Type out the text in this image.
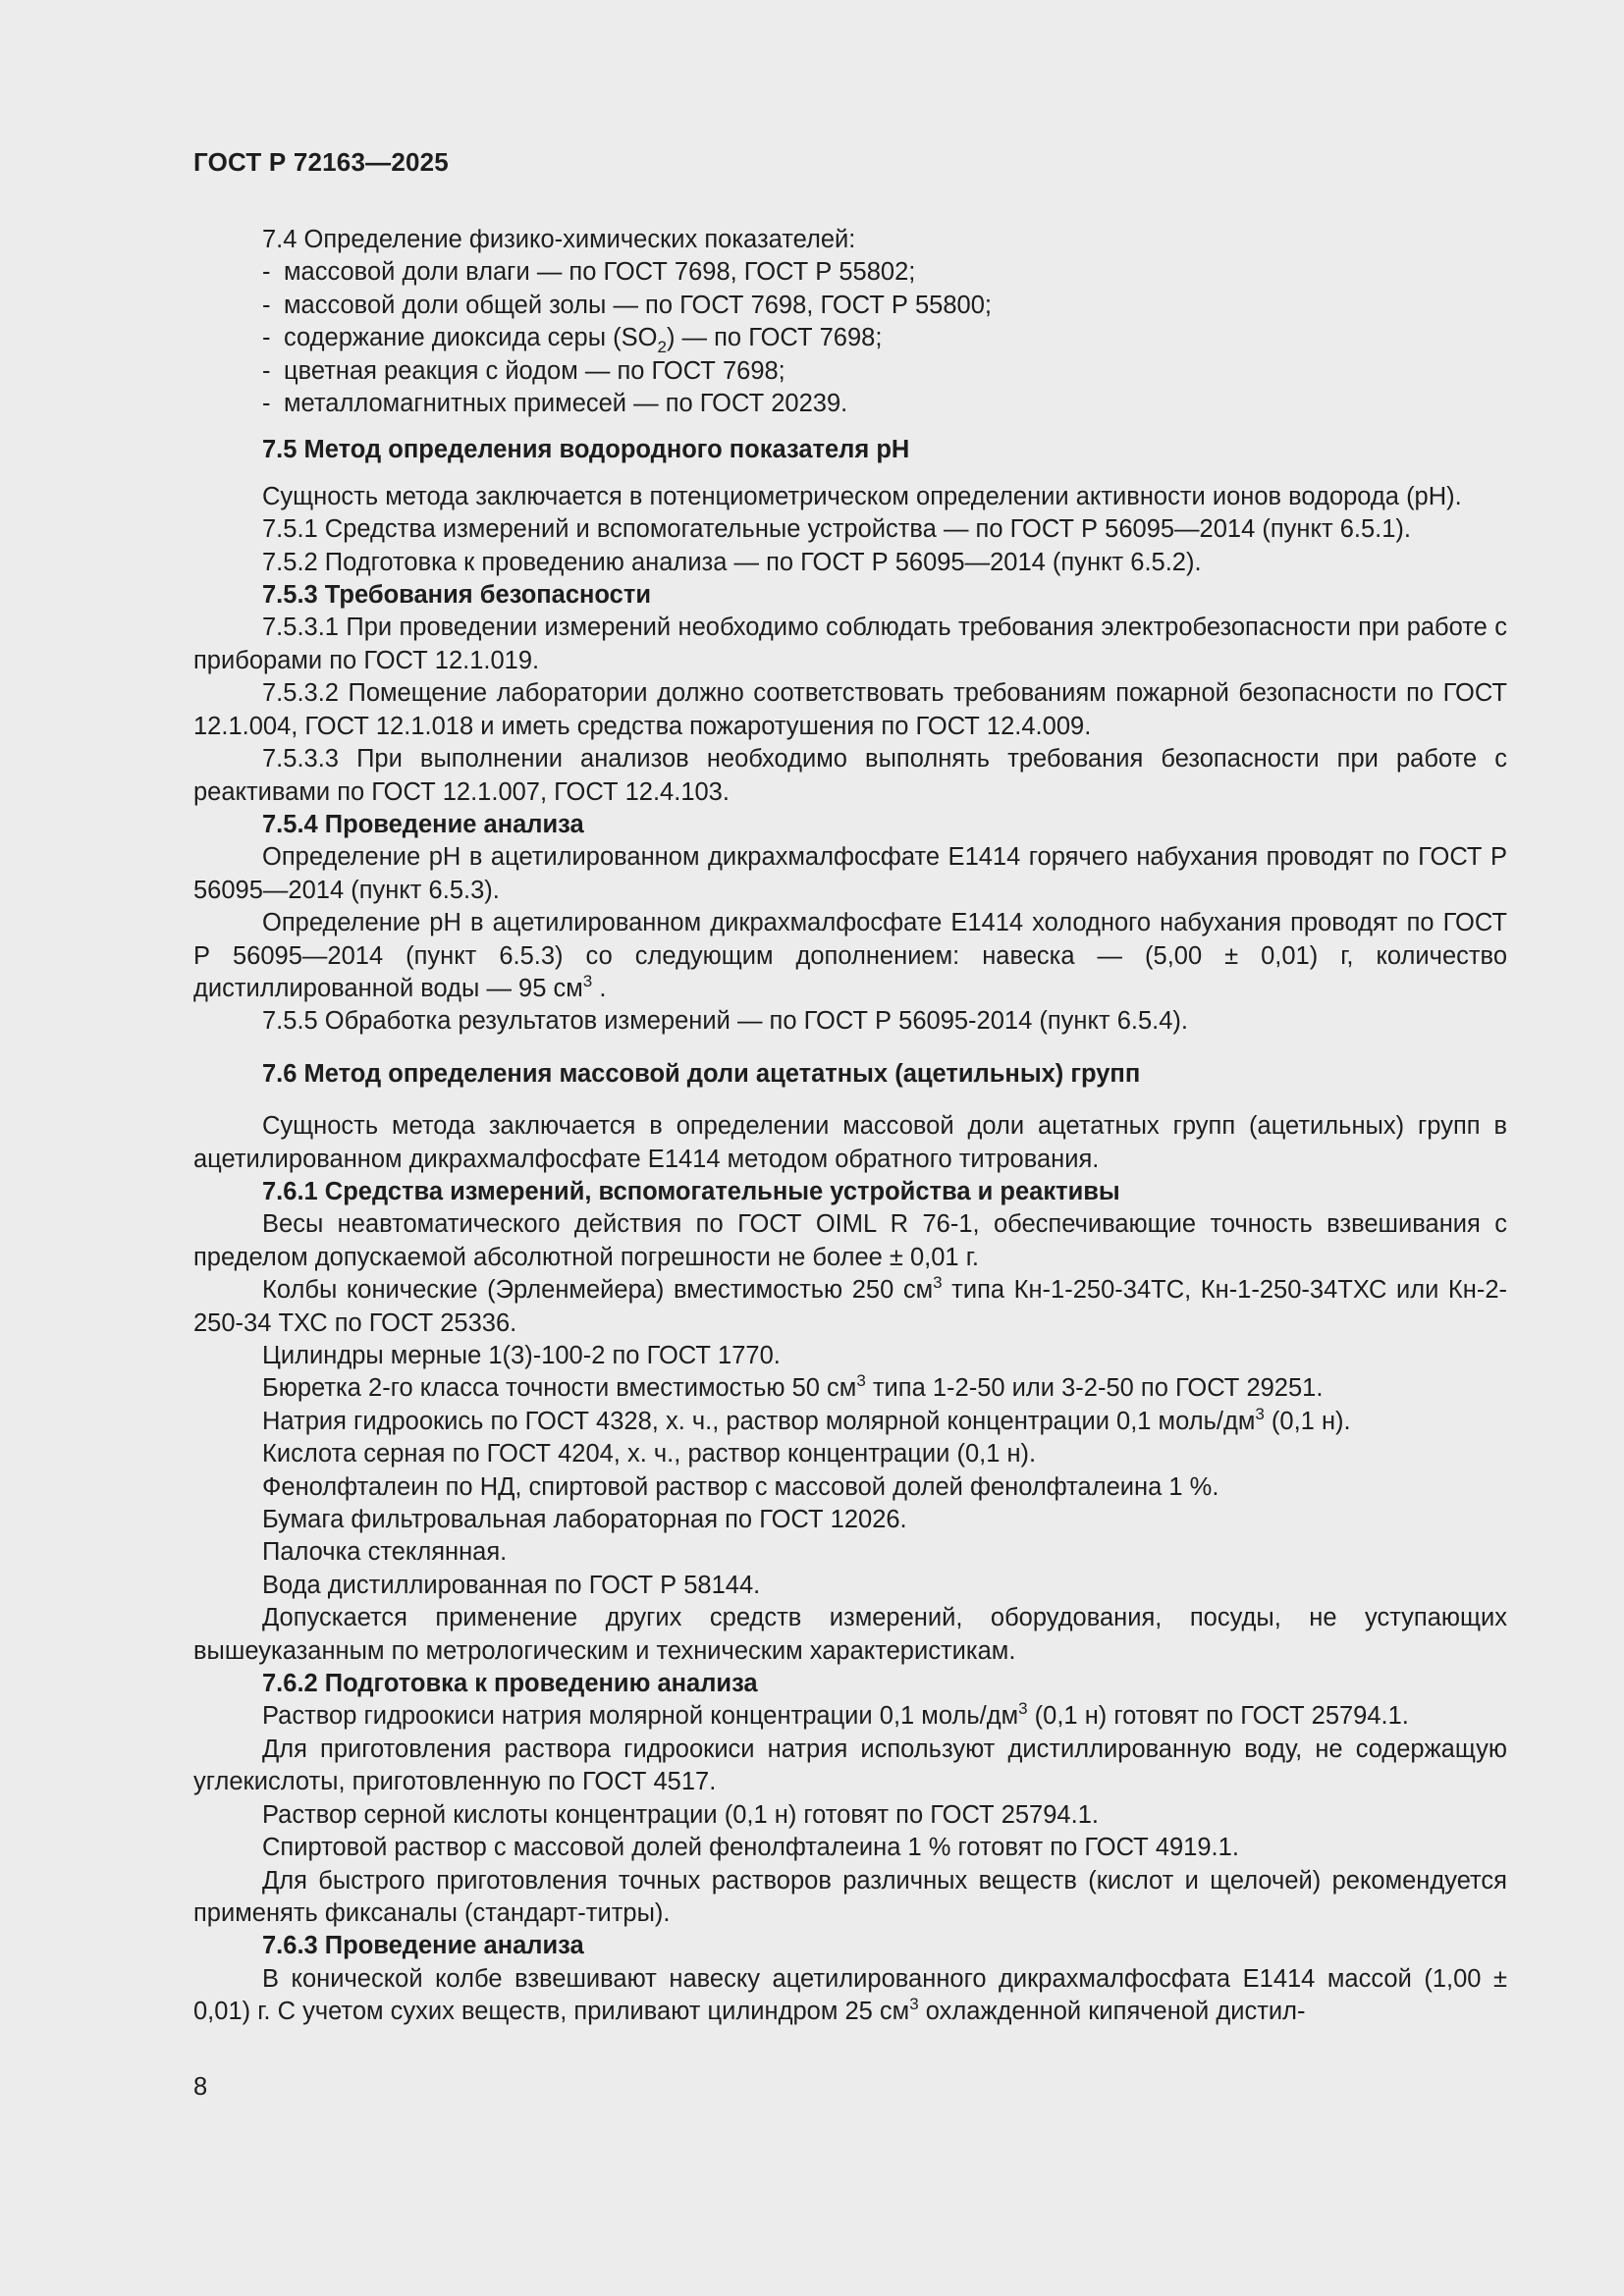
ГОСТ Р 72163—2025

7.4 Определение физико-химических показателей:

- массовой доли влаги — по ГОСТ 7698, ГОСТ Р 55802;

- массовой доли общей золы — по ГОСТ 7698, ГОСТ Р 55800;

- содержание диоксида серы $(SO_2)$ — по ГОСТ 7698;

- цветная реакция с йодом — по ГОСТ 7698;

- металломагнитных примесей — по ГОСТ 20239.

7.5 Метод определения водородного показателя рН

Сущность метода заключается в потенциометрическом определении активности ионов водорода (рН).

7.5.1 Средства измерений и вспомогательные устройства — по ГОСТ Р 56095—2014 (пункт 6.5.1).

7.5.2 Подготовка к проведению анализа — по ГОСТ Р 56095—2014 (пункт 6.5.2).

7.5.3 Требования безопасности

7.5.3.1 При проведении измерений необходимо соблюдать требования электробезопасности при работе с приборами по ГОСТ 12.1.019.

7.5.3.2 Помещение лаборатории должно соответствовать требованиям пожарной безопасности по ГОСТ 12.1.004, ГОСТ 12.1.018 и иметь средства пожаротушения по ГОСТ 12.4.009.

7.5.3.3 При выполнении анализов необходимо выполнять требования безопасности при работе с реактивами по ГОСТ 12.1.007, ГОСТ 12.4.103.

7.5.4 Проведение анализа

Определение рН в ацетилированном дикрахмалфосфате Е1414 горячего набухания проводят по ГОСТ Р 56095—2014 (пункт 6.5.3).

Определение рН в ацетилированном дикрахмалфосфате Е1414 холодного набухания проводят по ГОСТ Р 56095—2014 (пункт 6.5.3) со следующим дополнением: навеска — (5,00 ± 0,01) г, количество дистиллированной воды — 95 $см^3$ .

7.5.5 Обработка результатов измерений — по ГОСТ Р 56095-2014 (пункт 6.5.4).

7.6 Метод определения массовой доли ацетатных (ацетильных) групп

Сущность метода заключается в определении массовой доли ацетатных групп (ацетильных) групп в ацетилированном дикрахмалфосфате Е1414 методом обратного титрования.

7.6.1 Средства измерений, вспомогательные устройства и реактивы

Весы неавтоматического действия по ГОСТ OIML R 76-1, обеспечивающие точность взвешивания с пределом допускаемой абсолютной погрешности не более ± 0,01 г.

Колбы конические (Эрленмейера) вместимостью 250 $см^3$ типа Кн-1-250-34ТС, Кн-1-250-34ТХС или Кн-2-250-34 ТХС по ГОСТ 25336.

Цилиндры мерные 1(3)-100-2 по ГОСТ 1770.

Бюретка 2-го класса точности вместимостью 50 $см^3$ типа 1-2-50 или 3-2-50 по ГОСТ 29251.

Натрия гидроокись по ГОСТ 4328, х. ч., раствор молярной концентрации 0,1 моль/$дм^3$ (0,1 н).

Кислота серная по ГОСТ 4204, х. ч., раствор концентрации (0,1 н).

Фенолфталеин по НД, спиртовой раствор с массовой долей фенолфталеина 1 %.

Бумага фильтровальная лабораторная по ГОСТ 12026.

Палочка стеклянная.

Вода дистиллированная по ГОСТ Р 58144.

Допускается применение других средств измерений, оборудования, посуды, не уступающих вышеуказанным по метрологическим и техническим характеристикам.

7.6.2 Подготовка к проведению анализа

Раствор гидроокиси натрия молярной концентрации 0,1 моль/$дм^3$ (0,1 н) готовят по ГОСТ 25794.1.

Для приготовления раствора гидроокиси натрия используют дистиллированную воду, не содержащую углекислоты, приготовленную по ГОСТ 4517.

Раствор серной кислоты концентрации (0,1 н) готовят по ГОСТ 25794.1.

Спиртовой раствор с массовой долей фенолфталеина 1 % готовят по ГОСТ 4919.1.

Для быстрого приготовления точных растворов различных веществ (кислот и щелочей) рекомендуется применять фиксаналы (стандарт-титры).

7.6.3 Проведение анализа

В конической колбе взвешивают навеску ацетилированного дикрахмалфосфата Е1414 массой (1,00 ± 0,01) г. С учетом сухих веществ, приливают цилиндром 25 $см^3$ охлажденной кипяченой дистил-

8
